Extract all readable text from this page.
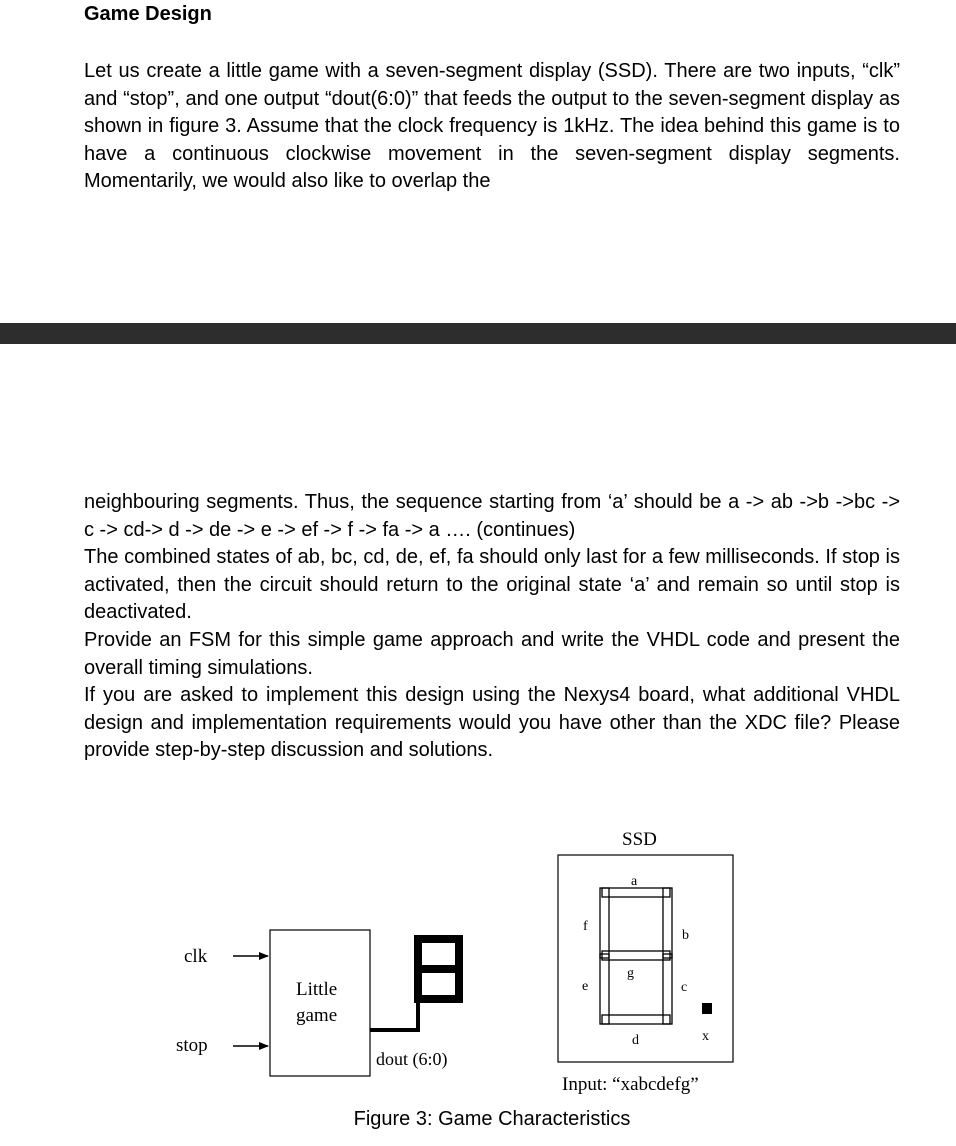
Game Design

Let us create a little game with a seven-segment display (SSD). There are two inputs, “clk” and “stop”, and one output “dout(6:0)” that feeds the output to the seven-segment display as shown in figure 3. Assume that the clock frequency is 1kHz. The idea behind this game is to have a continuous clockwise movement in the seven-segment display segments. Momentarily, we would also like to overlap the

neighbouring segments. Thus, the sequence starting from ‘a’ should be a -> ab ->b ->bc -> c -> cd-> d -> de -> e -> ef -> f -> fa -> a …. (continues)
The combined states of ab, bc, cd, de, ef, fa should only last for a few milliseconds. If stop is activated, then the circuit should return to the original state ‘a’ and remain so until stop is deactivated.
Provide an FSM for this simple game approach and write the VHDL code and present the overall timing simulations.
If you are asked to implement this design using the Nexys4 board, what additional VHDL design and implementation requirements would you have other than the XDC file? Please provide step-by-step discussion and solutions.
clk
stop
Little
game
dout (6:0)
SSD
a
b
c
d
e
f
g
x
Input: “xabcdefg”
Figure 3: Game Characteristics
